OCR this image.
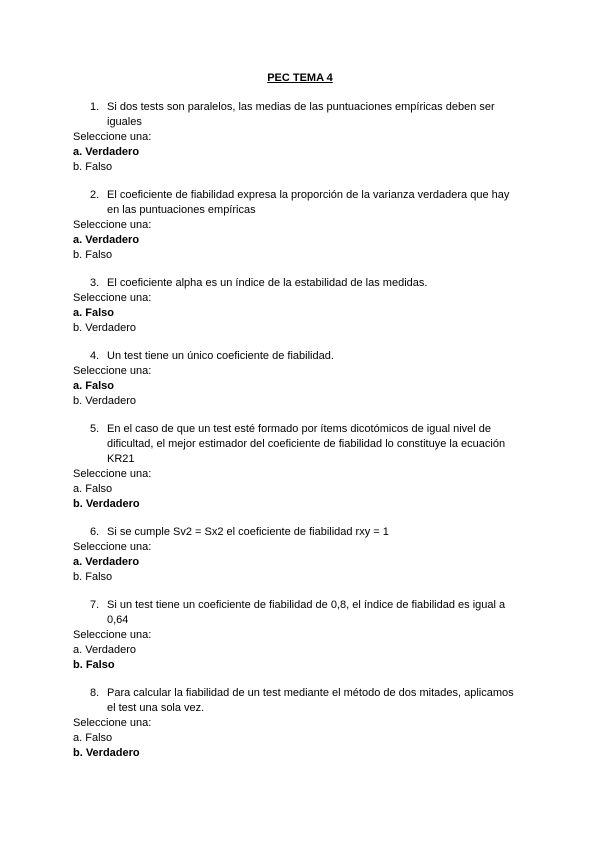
PEC TEMA 4
1. Si dos tests son paralelos, las medias de las puntuaciones empíricas deben ser iguales
Seleccione una:
a. Verdadero
b. Falso
2. El coeficiente de fiabilidad expresa la proporción de la varianza verdadera que hay en las puntuaciones empíricas
Seleccione una:
a. Verdadero
b. Falso
3. El coeficiente alpha es un índice de la estabilidad de las medidas.
Seleccione una:
a. Falso
b. Verdadero
4. Un test tiene un único coeficiente de fiabilidad.
Seleccione una:
a. Falso
b. Verdadero
5. En el caso de que un test esté formado por ítems dicotómicos de igual nivel de dificultad, el mejor estimador del coeficiente de fiabilidad lo constituye la ecuación KR21
Seleccione una:
a. Falso
b. Verdadero
6. Si se cumple Sv2 = Sx2 el coeficiente de fiabilidad rxy = 1
Seleccione una:
a. Verdadero
b. Falso
7. Si un test tiene un coeficiente de fiabilidad de 0,8, el índice de fiabilidad es igual a 0,64
Seleccione una:
a. Verdadero
b. Falso
8. Para calcular la fiabilidad de un test mediante el método de dos mitades, aplicamos el test una sola vez.
Seleccione una:
a. Falso
b. Verdadero
